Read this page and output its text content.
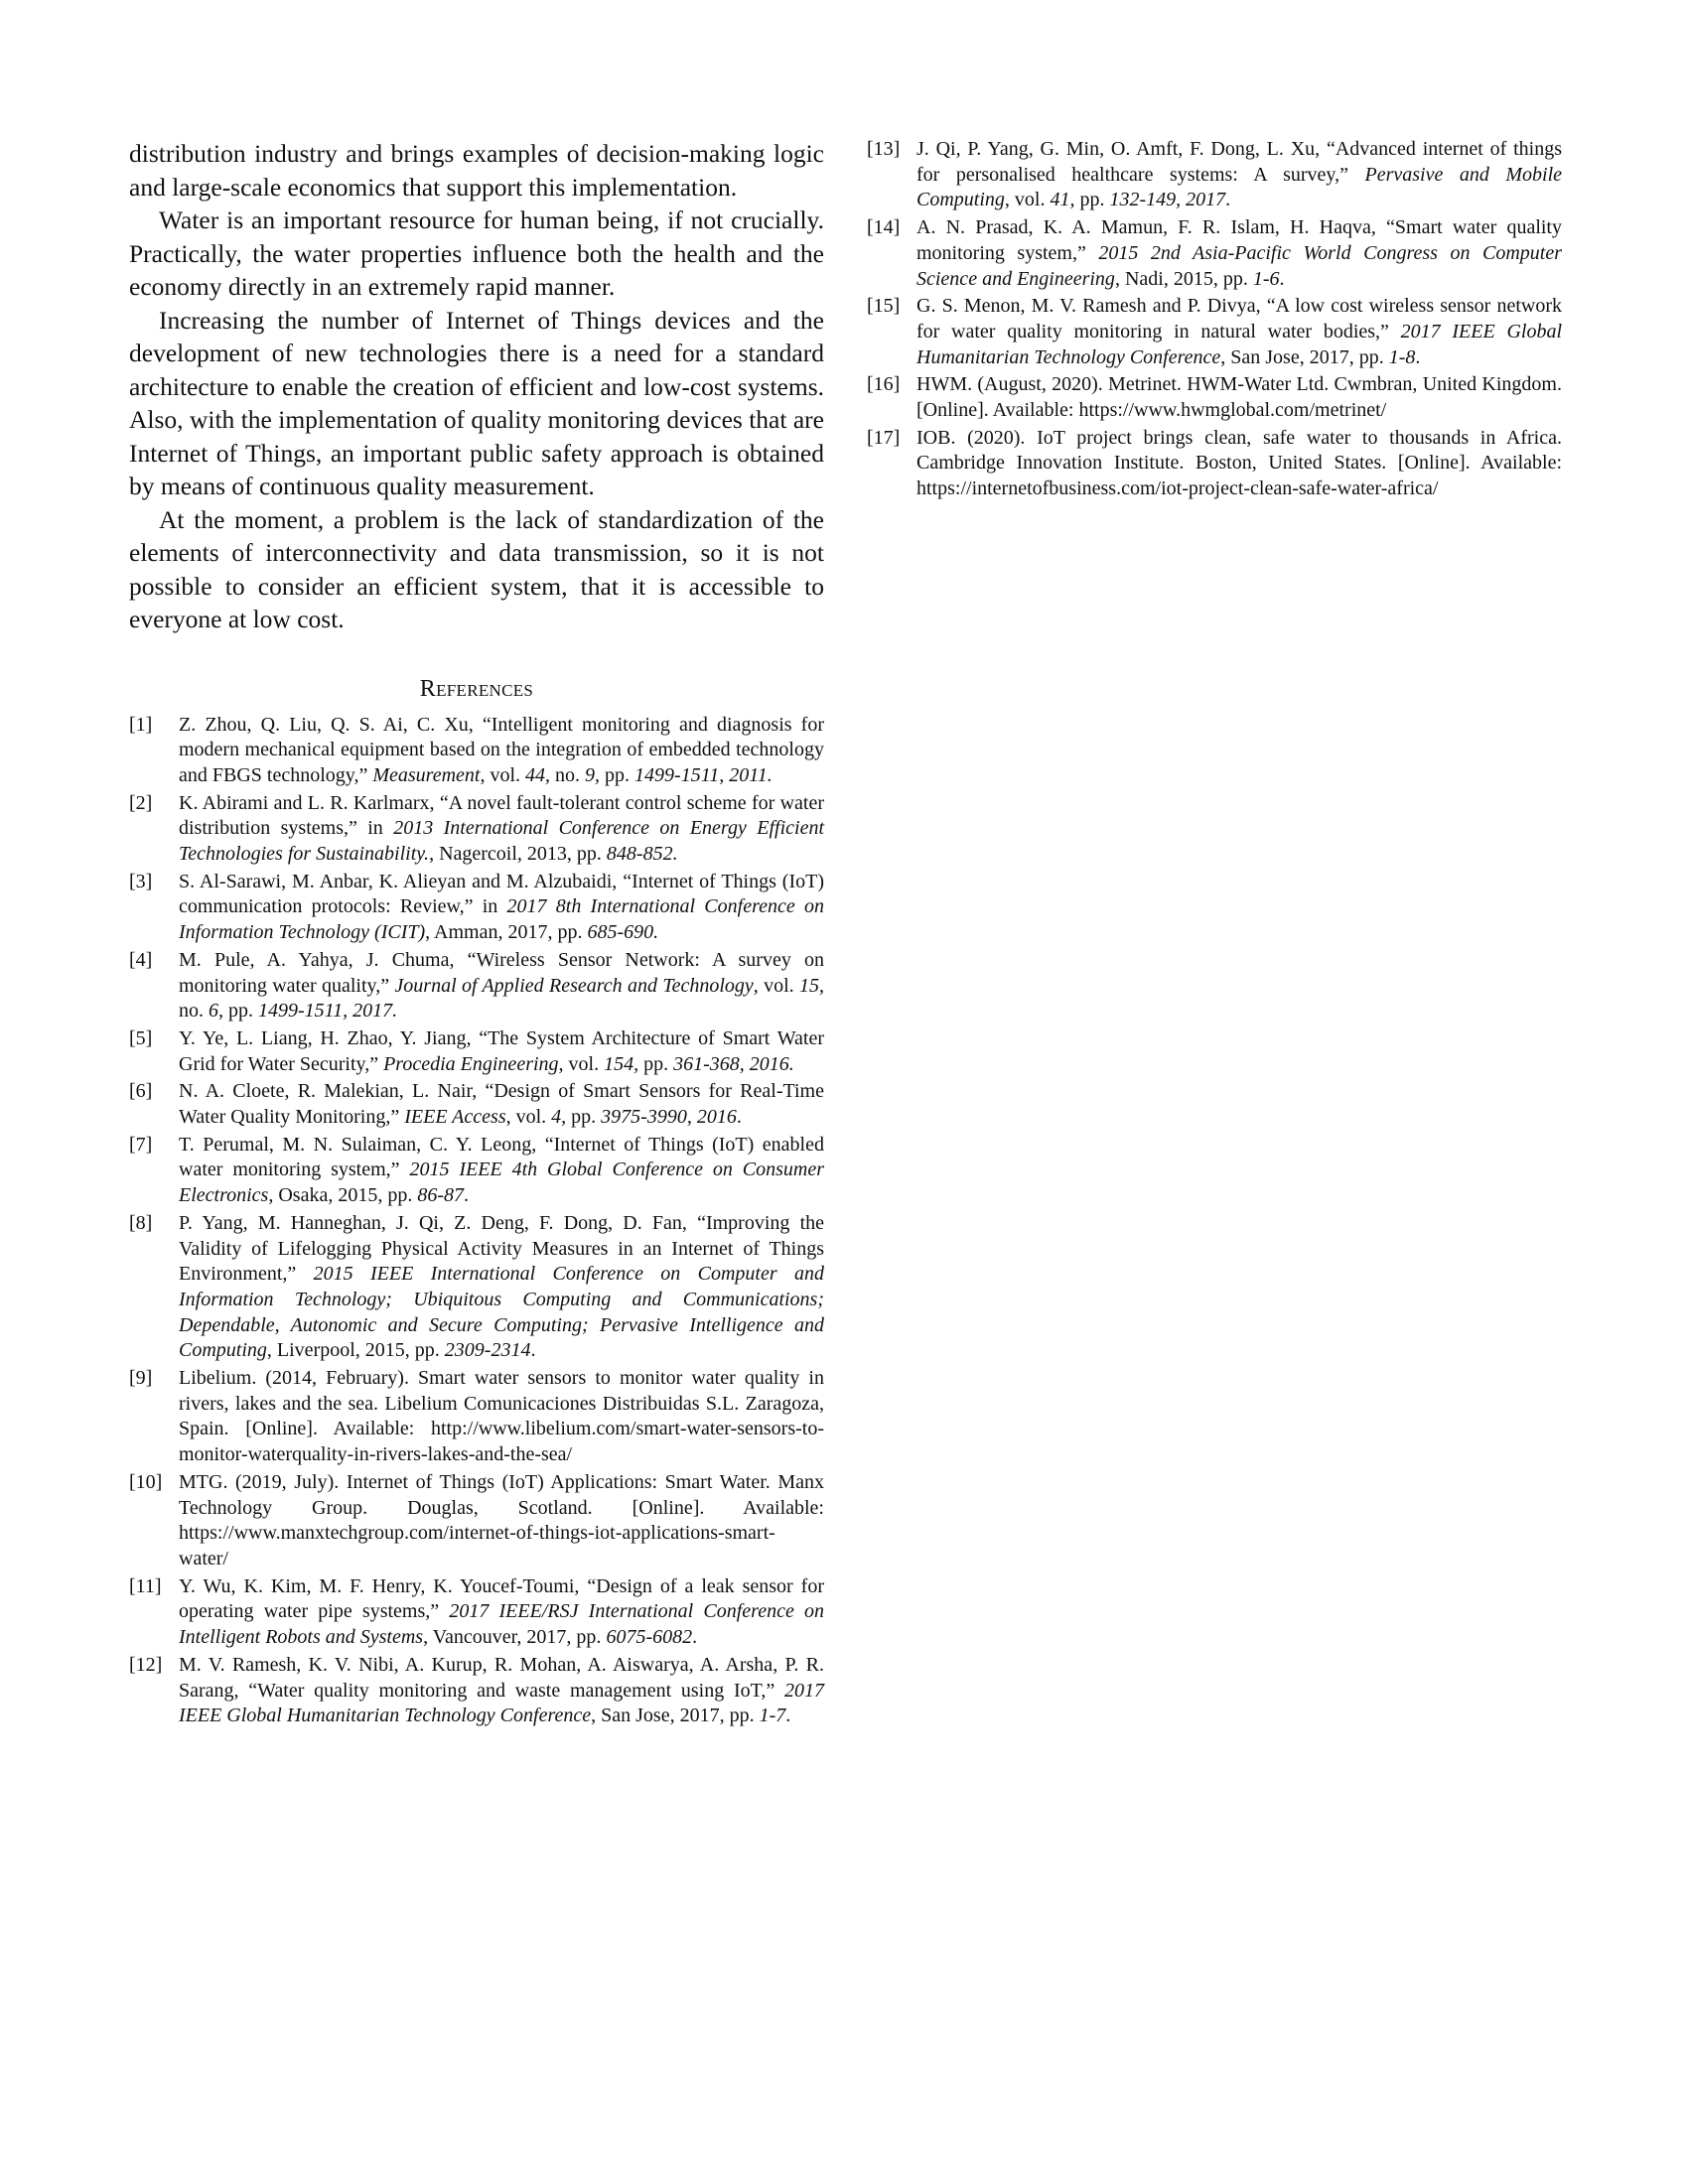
distribution industry and brings examples of decision-making logic and large-scale economics that support this implementation.

Water is an important resource for human being, if not crucially. Practically, the water properties influence both the health and the economy directly in an extremely rapid manner.

Increasing the number of Internet of Things devices and the development of new technologies there is a need for a standard architecture to enable the creation of efficient and low-cost systems. Also, with the implementation of quality monitoring devices that are Internet of Things, an important public safety approach is obtained by means of continuous quality measurement.

At the moment, a problem is the lack of standardization of the elements of interconnectivity and data transmission, so it is not possible to consider an efficient system, that it is accessible to everyone at low cost.

References
[1] Z. Zhou, Q. Liu, Q. S. Ai, C. Xu, “Intelligent monitoring and diagnosis for modern mechanical equipment based on the integration of embedded technology and FBGS technology,” Measurement, vol. 44, no. 9, pp. 1499-1511, 2011.
[2] K. Abirami and L. R. Karlmarx, “A novel fault-tolerant control scheme for water distribution systems,” in 2013 International Conference on Energy Efficient Technologies for Sustainability., Nagercoil, 2013, pp. 848-852.
[3] S. Al-Sarawi, M. Anbar, K. Alieyan and M. Alzubaidi, “Internet of Things (IoT) communication protocols: Review,” in 2017 8th International Conference on Information Technology (ICIT), Amman, 2017, pp. 685-690.
[4] M. Pule, A. Yahya, J. Chuma, “Wireless Sensor Network: A survey on monitoring water quality,” Journal of Applied Research and Technology, vol. 15, no. 6, pp. 1499-1511, 2017.
[5] Y. Ye, L. Liang, H. Zhao, Y. Jiang, “The System Architecture of Smart Water Grid for Water Security,” Procedia Engineering, vol. 154, pp. 361-368, 2016.
[6] N. A. Cloete, R. Malekian, L. Nair, “Design of Smart Sensors for Real-Time Water Quality Monitoring,” IEEE Access, vol. 4, pp. 3975-3990, 2016.
[7] T. Perumal, M. N. Sulaiman, C. Y. Leong, “Internet of Things (IoT) enabled water monitoring system,” 2015 IEEE 4th Global Conference on Consumer Electronics, Osaka, 2015, pp. 86-87.
[8] P. Yang, M. Hanneghan, J. Qi, Z. Deng, F. Dong, D. Fan, “Improving the Validity of Lifelogging Physical Activity Measures in an Internet of Things Environment,” 2015 IEEE International Conference on Computer and Information Technology; Ubiquitous Computing and Communications; Dependable, Autonomic and Secure Computing; Pervasive Intelligence and Computing, Liverpool, 2015, pp. 2309-2314.
[9] Libelium. (2014, February). Smart water sensors to monitor water quality in rivers, lakes and the sea. Libelium Comunicaciones Distribuidas S.L. Zaragoza, Spain. [Online]. Available: http://www.libelium.com/smart-water-sensors-to-monitor-waterquality-in-rivers-lakes-and-the-sea/
[10] MTG. (2019, July). Internet of Things (IoT) Applications: Smart Water. Manx Technology Group. Douglas, Scotland. [Online]. Available: https://www.manxtechgroup.com/internet-of-things-iot-applications-smart-water/
[11] Y. Wu, K. Kim, M. F. Henry, K. Youcef-Toumi, “Design of a leak sensor for operating water pipe systems,” 2017 IEEE/RSJ International Conference on Intelligent Robots and Systems, Vancouver, 2017, pp. 6075-6082.
[12] M. V. Ramesh, K. V. Nibi, A. Kurup, R. Mohan, A. Aiswarya, A. Arsha, P. R. Sarang, “Water quality monitoring and waste management using IoT,” 2017 IEEE Global Humanitarian Technology Conference, San Jose, 2017, pp. 1-7.
[13] J. Qi, P. Yang, G. Min, O. Amft, F. Dong, L. Xu, “Advanced internet of things for personalised healthcare systems: A survey,” Pervasive and Mobile Computing, vol. 41, pp. 132-149, 2017.
[14] A. N. Prasad, K. A. Mamun, F. R. Islam, H. Haqva, “Smart water quality monitoring system,” 2015 2nd Asia-Pacific World Congress on Computer Science and Engineering, Nadi, 2015, pp. 1-6.
[15] G. S. Menon, M. V. Ramesh and P. Divya, “A low cost wireless sensor network for water quality monitoring in natural water bodies,” 2017 IEEE Global Humanitarian Technology Conference, San Jose, 2017, pp. 1-8.
[16] HWM. (August, 2020). Metrinet. HWM-Water Ltd. Cwmbran, United Kingdom. [Online]. Available: https://www.hwmglobal.com/metrinet/
[17] IOB. (2020). IoT project brings clean, safe water to thousands in Africa. Cambridge Innovation Institute. Boston, United States. [Online]. Available: https://internetofbusiness.com/iot-project-clean-safe-water-africa/
